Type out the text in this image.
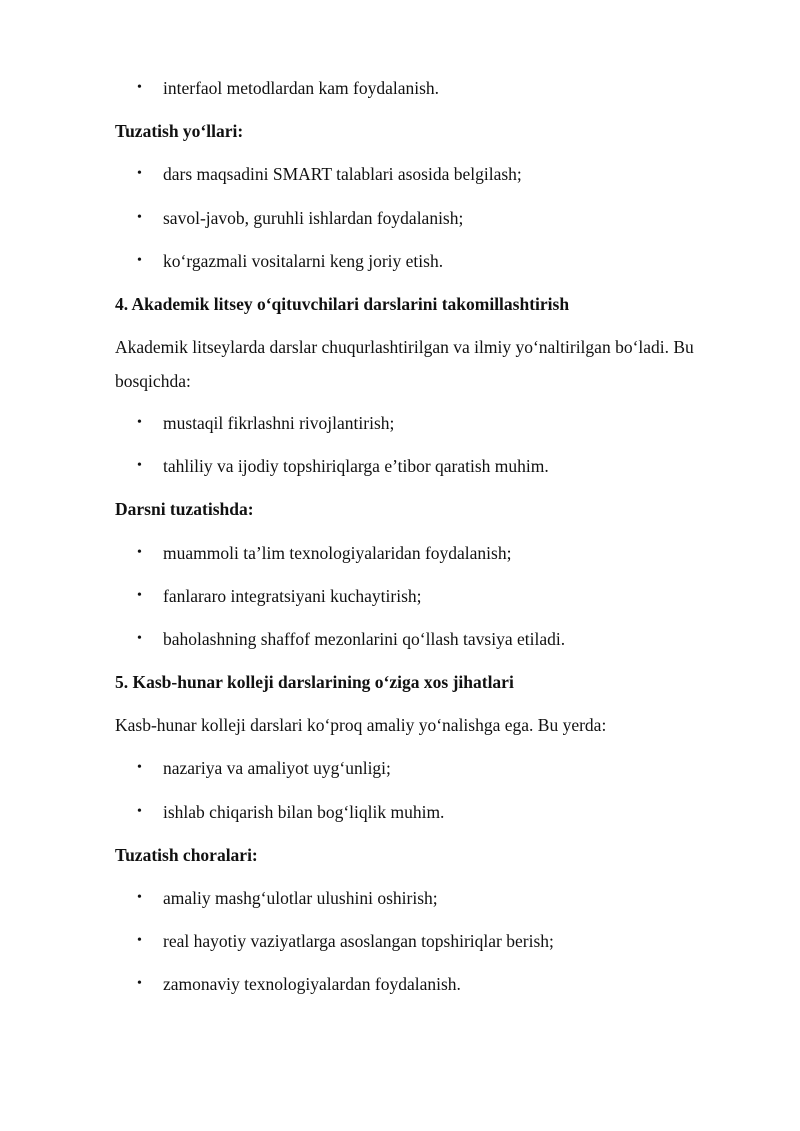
• interfaol metodlardan kam foydalanish.

Tuzatish yo‘llari:

• dars maqsadini SMART talablari asosida belgilash;
• savol-javob, guruhli ishlardan foydalanish;
• ko‘rgazmali vositalarni keng joriy etish.

4. Akademik litsey o‘qituvchilari darslarini takomillashtirish

Akademik litseylarda darslar chuqurlashtirilgan va ilmiy yo‘naltirilgan bo‘ladi. Bu bosqichda:

• mustaqil fikrlashni rivojlantirish;
• tahliliy va ijodiy topshiriqlarga e’tibor qaratish muhim.

Darsni tuzatishda:

• muammoli ta’lim texnologiyalaridan foydalanish;
• fanlararo integratsiyani kuchaytirish;
• baholashning shaffof mezonlarini qo‘llash tavsiya etiladi.

5. Kasb-hunar kolleji darslarining o‘ziga xos jihatlari

Kasb-hunar kolleji darslari ko‘proq amaliy yo‘nalishga ega. Bu yerda:

• nazariya va amaliyot uyg‘unligi;
• ishlab chiqarish bilan bog‘liqlik muhim.

Tuzatish choralari:

• amaliy mashg‘ulotlar ulushini oshirish;
• real hayotiy vaziyatlarga asoslangan topshiriqlar berish;
• zamonaviy texnologiyalardan foydalanish.
